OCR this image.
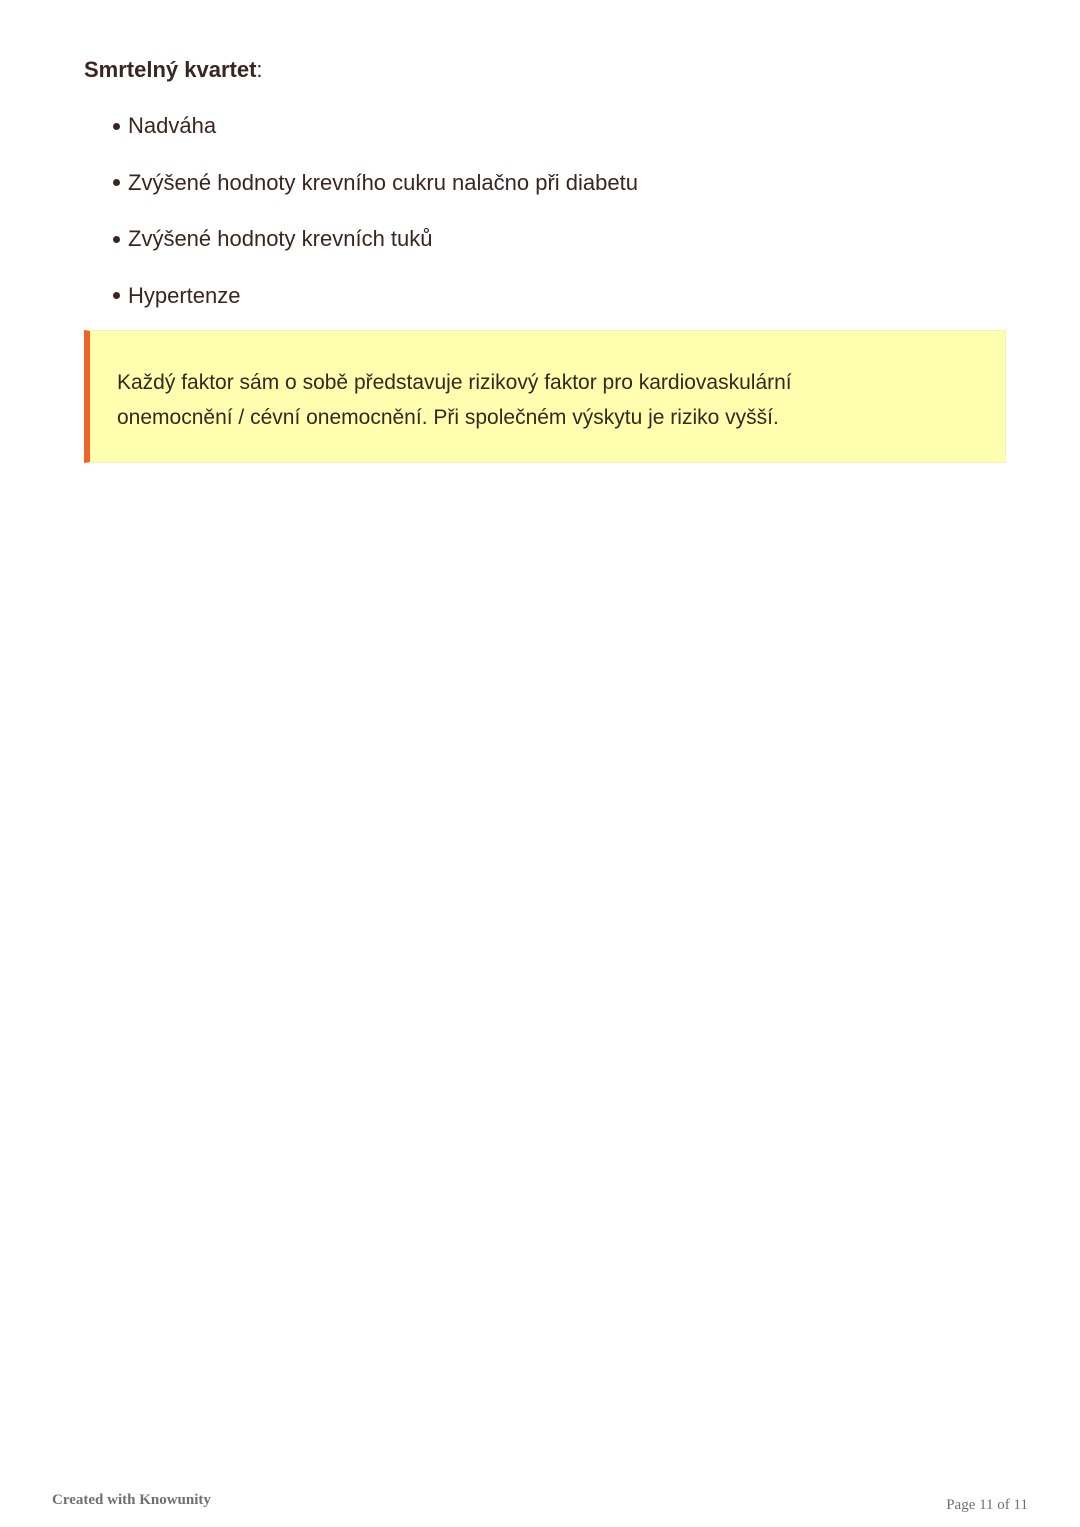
Smrtelný kvartet:
Nadváha
Zvýšené hodnoty krevního cukru nalačno při diabetu
Zvýšené hodnoty krevních tuků
Hypertenze

Každý faktor sám o sobě představuje rizikový faktor pro kardiovaskulární
onemocnění / cévní onemocnění. Při společném výskytu je riziko vyšší.

Created with Knowunity	Page 11 of 11
